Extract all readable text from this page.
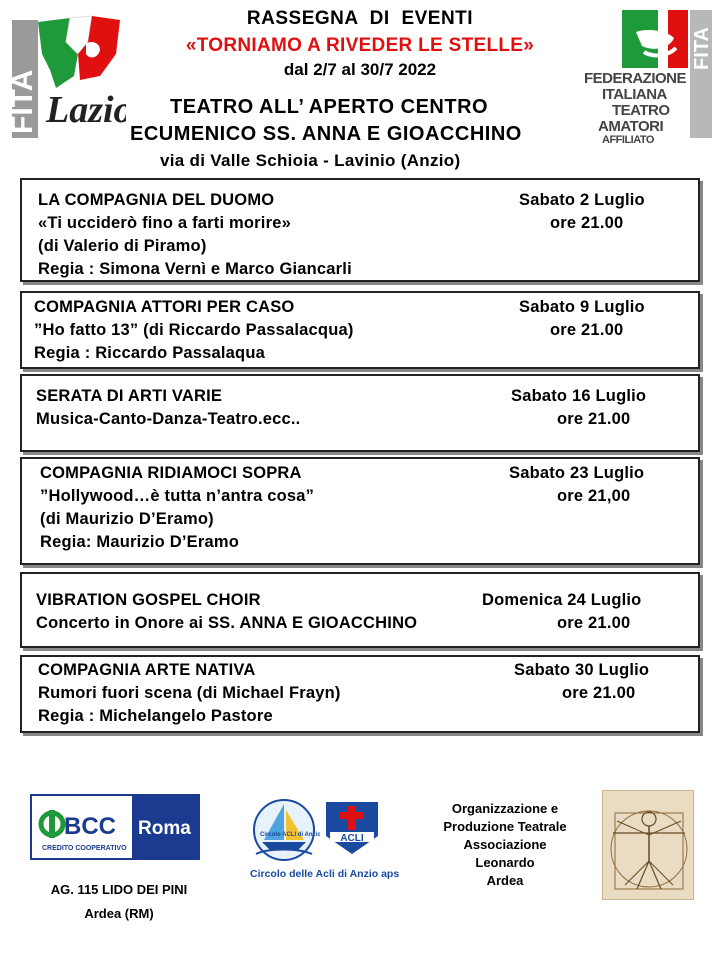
RASSEGNA DI EVENTI
«TORNIAMO A RIVEDER LE STELLE»
dal 2/7 al 30/7 2022
TEATRO ALL’ APERTO CENTRO
ECUMENICO SS. ANNA E GIOACCHINO
via di Valle Schioia - Lavinio (Anzio)
FITA Lazio
FITA
FEDERAZIONE
ITALIANA
TEATRO
AMATORI
AFFILIATO
LA COMPAGNIA DEL DUOMO	Sabato 2 Luglio
«Ti ucciderò fino a farti morire»	ore 21.00
(di Valerio di Piramo)
Regia : Simona Vernì e Marco Giancarli
COMPAGNIA ATTORI PER CASO	Sabato 9 Luglio
”Ho fatto 13” (di Riccardo Passalacqua)	ore 21.00
Regia : Riccardo Passalaqua
SERATA DI ARTI VARIE	Sabato 16 Luglio
Musica-Canto-Danza-Teatro.ecc..	ore 21.00
COMPAGNIA RIDIAMOCI SOPRA	Sabato 23 Luglio
”Hollywood…è tutta n’antra cosa”	ore 21,00
(di Maurizio D’Eramo)
Regia: Maurizio D’Eramo
VIBRATION GOSPEL CHOIR	Domenica 24 Luglio
Concerto in Onore ai SS. ANNA E GIOACCHINO	ore 21.00
COMPAGNIA ARTE NATIVA	Sabato 30 Luglio
Rumori fuori scena (di Michael Frayn)	ore 21.00
Regia : Michelangelo Pastore
BCC
CREDITO COOPERATIVO
Roma
AG. 115 LIDO DEI PINI
Ardea (RM)
Circolo ACLI di Anzio ACLI
Circolo delle Acli di Anzio aps
Organizzazione e
Produzione Teatrale
Associazione
Leonardo
Ardea
